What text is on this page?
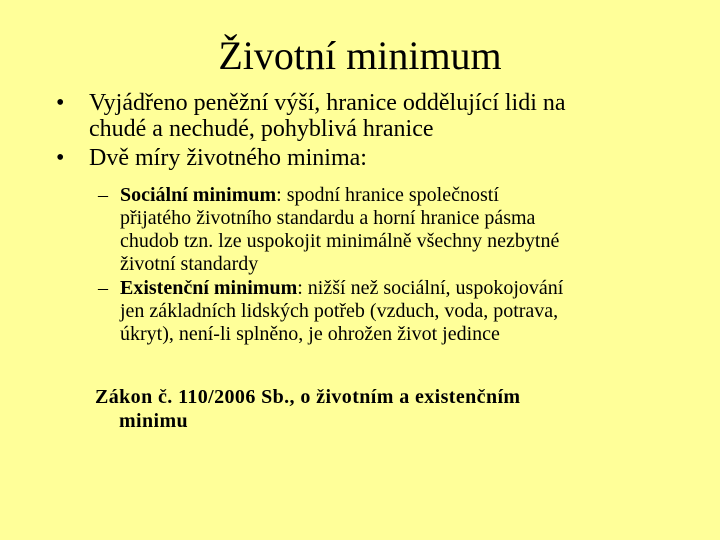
Životní minimum
• Vyjádřeno peněžní výší, hranice oddělující lidi na
chudé a nechudé, pohyblivá hranice
• Dvě míry životného minima:
– Sociální minimum: spodní hranice společností
přijatého životního standardu a horní hranice pásma
chudob tzn. lze uspokojit minimálně všechny nezbytné
životní standardy
– Existenční minimum: nižší než sociální, uspokojování
jen základních lidských potřeb (vzduch, voda, potrava,
úkryt), není-li splněno, je ohrožen život jedince
Zákon č. 110/2006 Sb., o životním a existenčním
minimu
